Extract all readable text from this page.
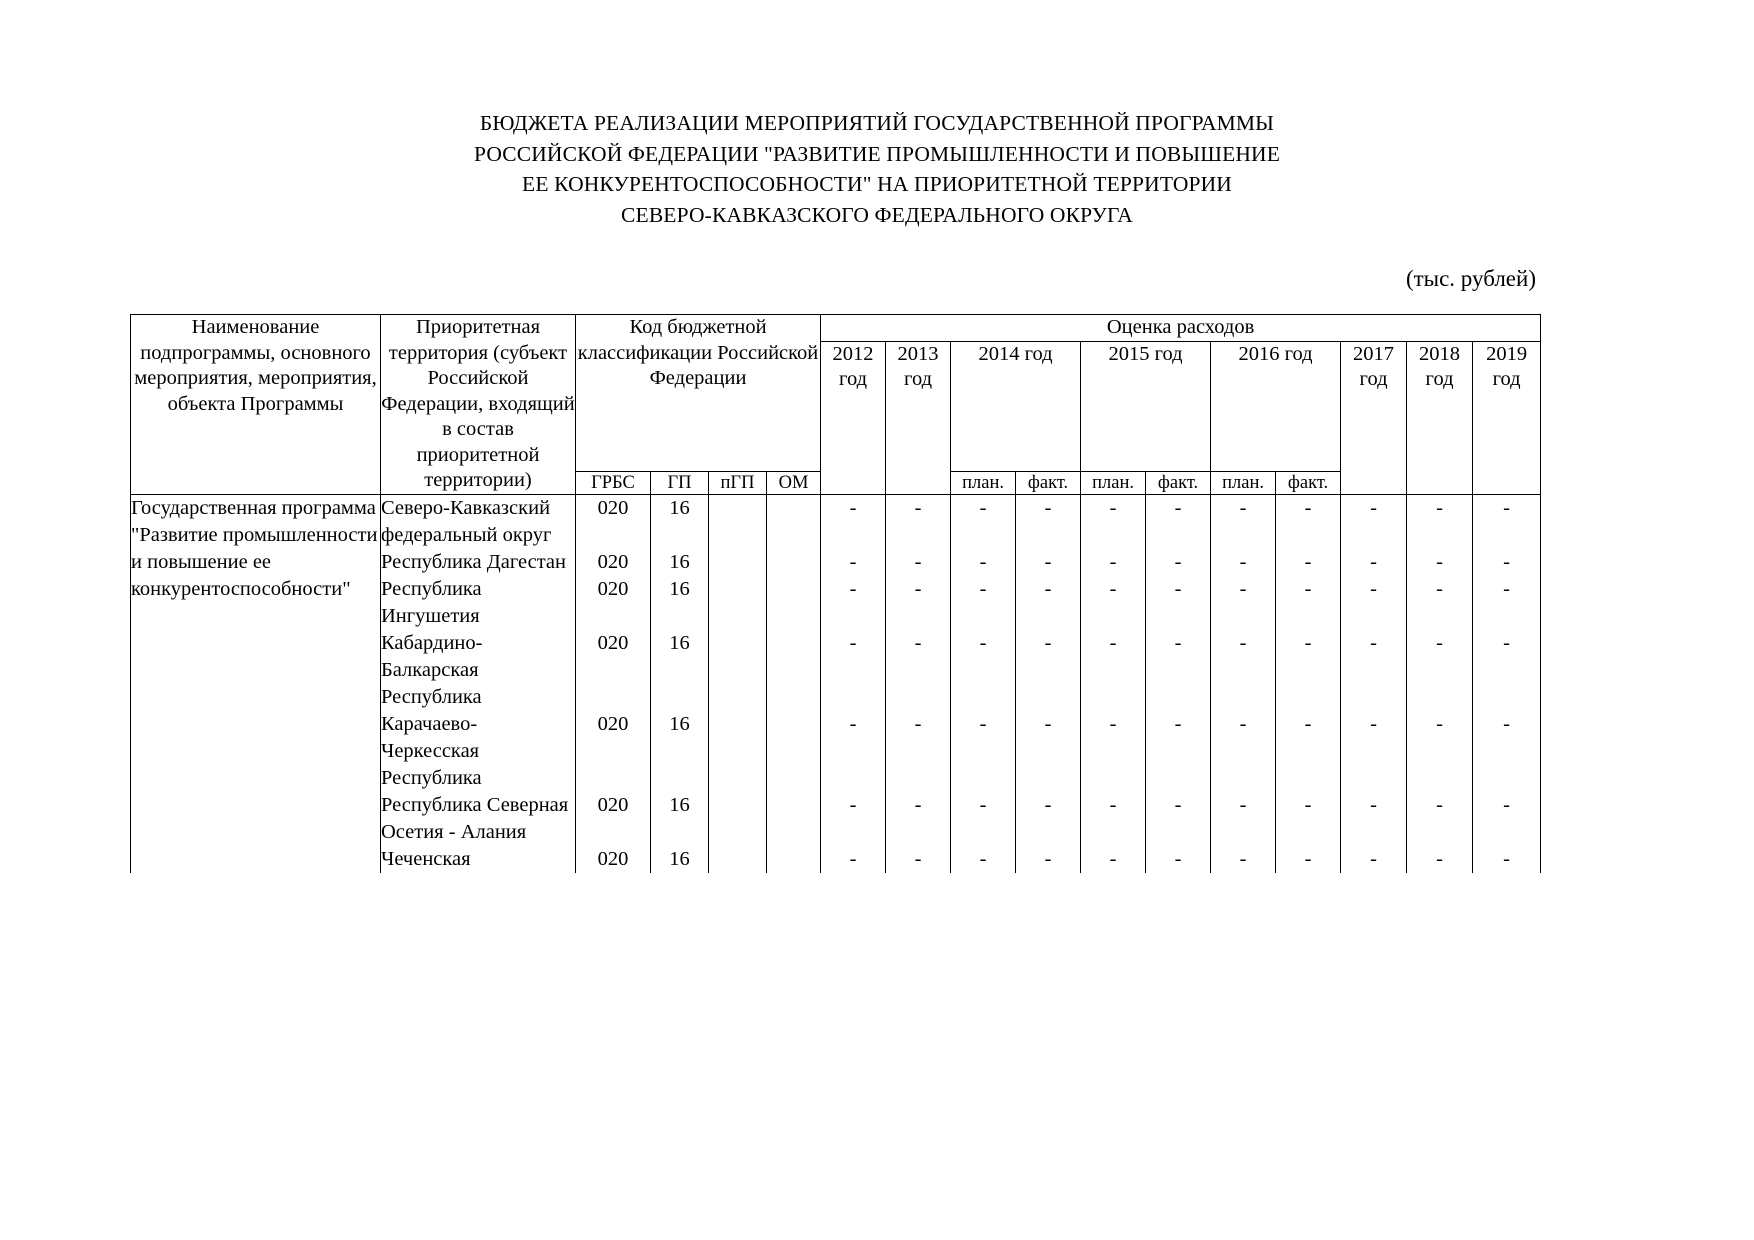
БЮДЖЕТА РЕАЛИЗАЦИИ МЕРОПРИЯТИЙ ГОСУДАРСТВЕННОЙ ПРОГРАММЫ
РОССИЙСКОЙ ФЕДЕРАЦИИ "РАЗВИТИЕ ПРОМЫШЛЕННОСТИ И ПОВЫШЕНИЕ
ЕЕ КОНКУРЕНТОСПОСОБНОСТИ" НА ПРИОРИТЕТНОЙ ТЕРРИТОРИИ
СЕВЕРО-КАВКАЗСКОГО ФЕДЕРАЛЬНОГО ОКРУГА
(тыс. рублей)
Наименование подпрограммы, основного мероприятия, мероприятия, объекта Программы	Приоритетная территория (субъект Российской Федерации, входящий в состав приоритетной территории)	Код бюджетной классификации Российской Федерации				Оценка расходов										
						2012 год	2013 год	2014 год		2015 год		2016 год		2017 год	2018 год	2019 год
		ГРБС	ГП	пГП	ОМ			план.	факт.	план.	факт.	план.	факт.			
Государственная программа "Развитие промышленности и повышение ее конкурентоспособности"	Северо-Кавказский федеральный округ	020	16			-	-	-	-	-	-	-	-	-	-	-
	Республика Дагестан	020	16			-	-	-	-	-	-	-	-	-	-	-
	Республика Ингушетия	020	16			-	-	-	-	-	-	-	-	-	-	-
	Кабардино-Балкарская Республика	020	16			-	-	-	-	-	-	-	-	-	-	-
	Карачаево-Черкесская Республика	020	16			-	-	-	-	-	-	-	-	-	-	-
	Республика Северная Осетия - Алания	020	16			-	-	-	-	-	-	-	-	-	-	-
	Чеченская	020	16			-	-	-	-	-	-	-	-	-	-	-
